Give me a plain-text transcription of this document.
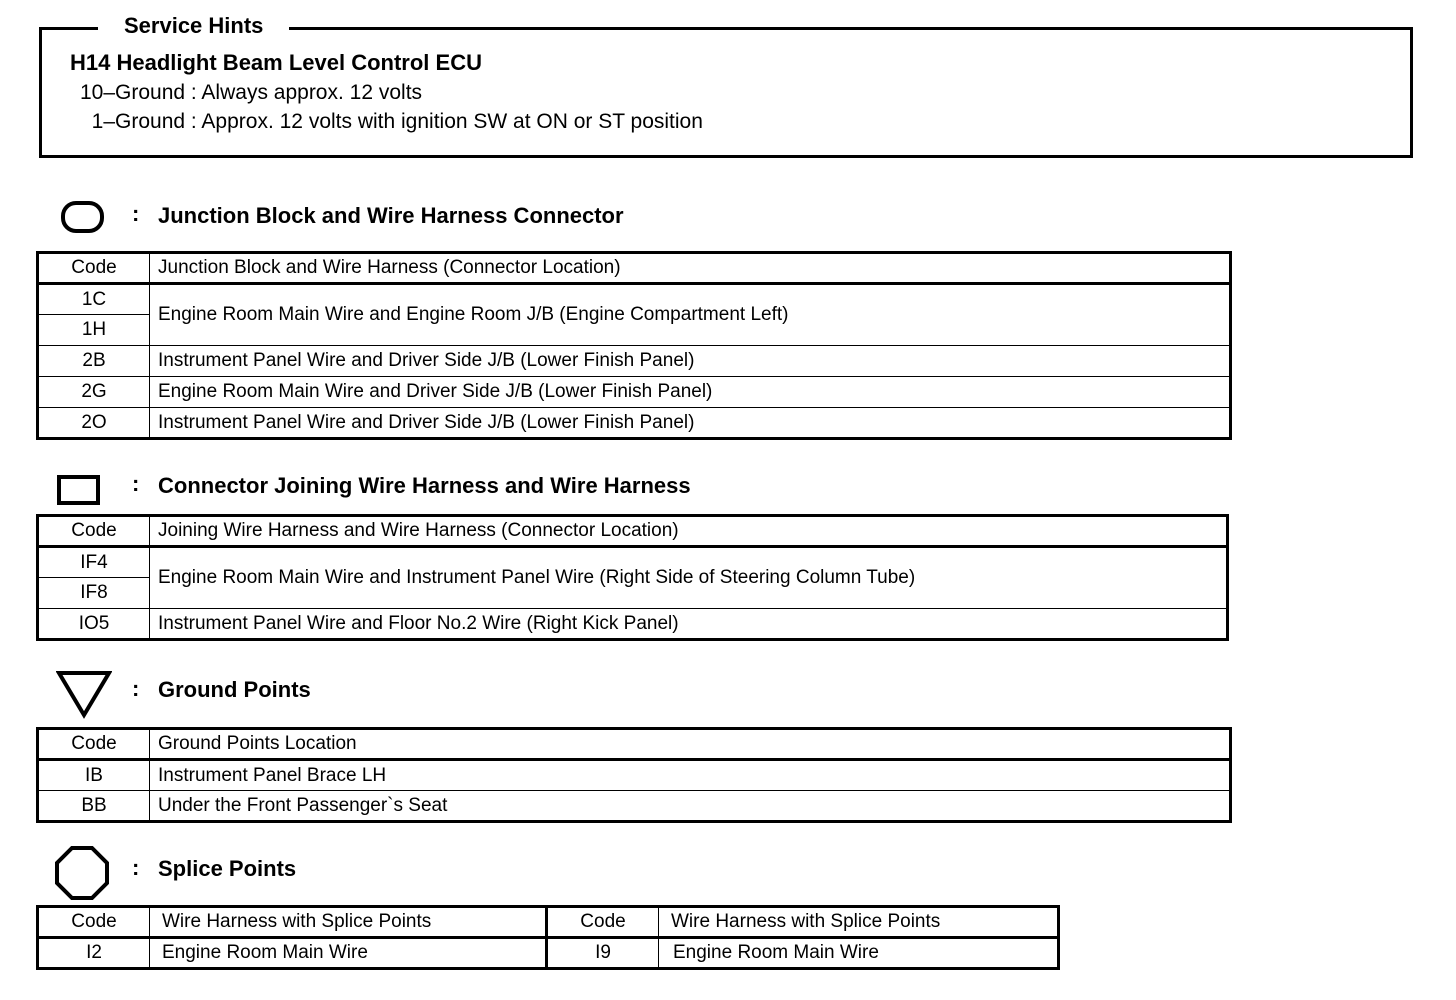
Service Hints
H14 Headlight Beam Level Control ECU
10–Ground : Always approx. 12 volts
1–Ground : Approx. 12 volts with ignition SW at ON or ST position
: Junction Block and Wire Harness Connector
Code	Junction Block and Wire Harness (Connector Location)
1C	Engine Room Main Wire and Engine Room J/B (Engine Compartment Left)
1H	
2B	Instrument Panel Wire and Driver Side J/B (Lower Finish Panel)
2G	Engine Room Main Wire and Driver Side J/B (Lower Finish Panel)
2O	Instrument Panel Wire and Driver Side J/B (Lower Finish Panel)
: Connector Joining Wire Harness and Wire Harness
Code	Joining Wire Harness and Wire Harness (Connector Location)
IF4	Engine Room Main Wire and Instrument Panel Wire (Right Side of Steering Column Tube)
IF8	
IO5	Instrument Panel Wire and Floor No.2 Wire (Right Kick Panel)
: Ground Points
Code	Ground Points Location
IB	Instrument Panel Brace LH
BB	Under the Front Passenger`s Seat
: Splice Points
Code	Wire Harness with Splice Points	Code	Wire Harness with Splice Points
I2	Engine Room Main Wire	I9	Engine Room Main Wire
